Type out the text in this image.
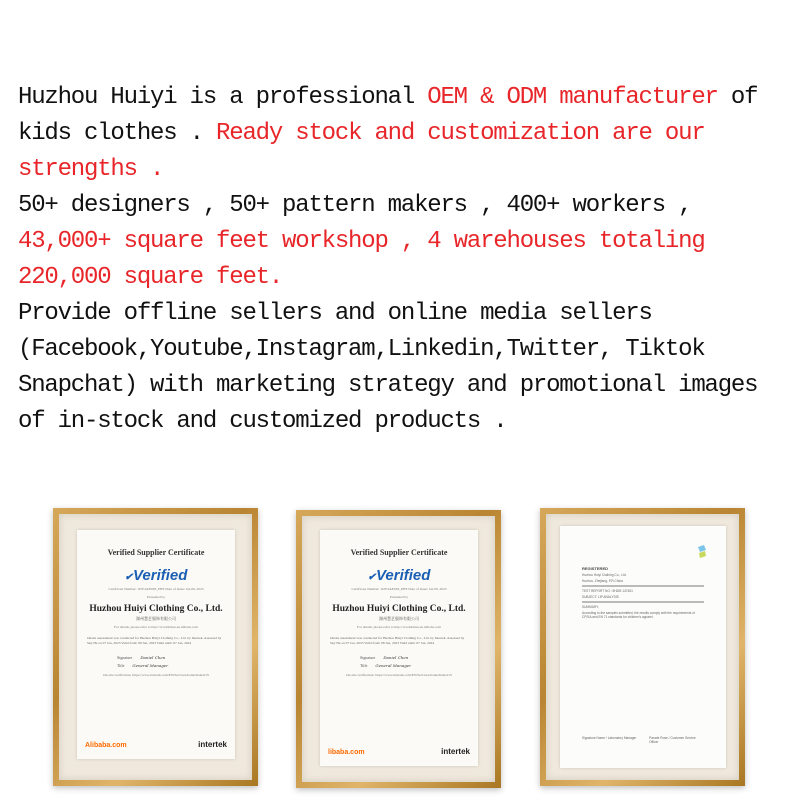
Huzhou Huiyi is a professional OEM & ODM manufacturer of
kids clothes . Ready stock and customization are our
strengths .
50+ designers , 50+ pattern makers , 400+ workers ,
43,000+ square feet workshop , 4 warehouses totaling
220,000 square feet.
Provide offline sellers and online media sellers
(Facebook,Youtube,Instagram,Linkedin,Twitter, Tiktok
Snapchat) with marketing strategy and promotional images
of in-stock and customized products .
Verified Supplier Certificate
✔Verified
Certificate Number: 1DY4AE0Z8_PHT Date of Issue: Jan 09, 2023
Presented by
Huzhou Huiyi Clothing Co., Ltd.
湖州慧艺服饰有限公司
For details, please refer to http://crwddothes.en.alibaba.com
Onsite assessment was conducted for Huzhou Huiyi Clothing Co., Ltd. by Intertek. Assessed by Sky He on 07 Jan, 2023 Valid from: 08 Jan, 2023 Valid until: 07 Jan, 2024
Signature Daniel Chen
Title General Manager
On-site verification: https://www.intertek.com/EN/Services/home/IndexCN
Alibaba.com	intertek
Verified Supplier Certificate
✔Verified
Certificate Number: 1DY4AE0Z8_PHT Date of Issue: Jan 09, 2023
Presented by
Huzhou Huiyi Clothing Co., Ltd.
湖州慧艺服饰有限公司
For details, please refer to http://crwddothes.en.alibaba.com
Onsite assessment was conducted for Huzhou Huiyi Clothing Co., Ltd. by Intertek. Assessed by Sky He on 07 Jan, 2023 Valid from: 08 Jan, 2023 Valid until: 07 Jan, 2024
Signature Daniel Chen
Title General Manager
On-site verification: https://www.intertek.com/EN/Services/home/IndexCN
libaba.com	intertek
REGISTERED
Huzhou Huiyi Clothing Co., Ltd.
Huzhou, Zhejiang, P.R.China
TEST REPORT NO.: 5H2IB 147451
SUBJECT: LIP ANALYSIS
SUMMARY:
According to the samples submitted, the results comply with the requirements of CPSIA and EN 71 standards for children's apparel.
Signature Name / Laboratory Manager	Parade Rose / Customer Service Officer
